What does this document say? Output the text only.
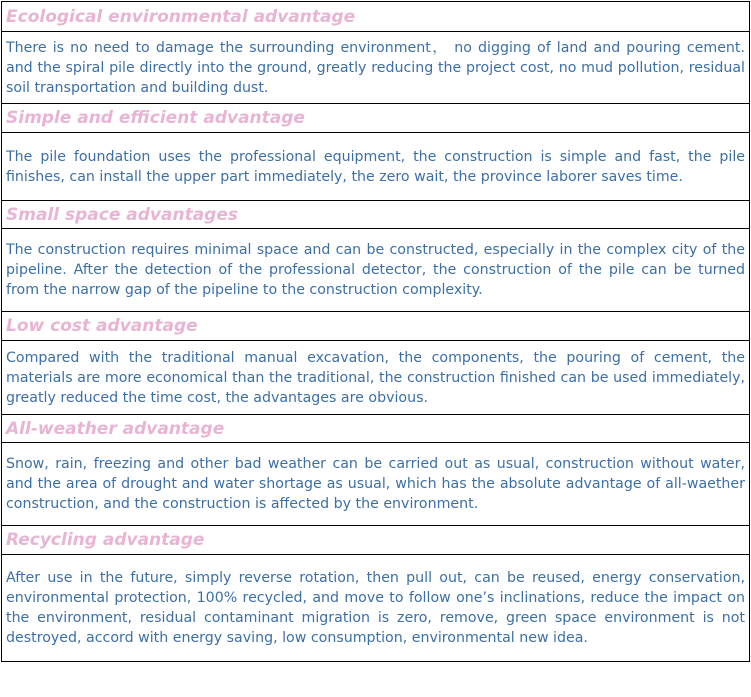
Ecological environmental advantage
There is no need to damage the surrounding environment， no digging of land and pouring cement. and the spiral pile directly into the ground, greatly reducing the project cost, no mud pollution, residual soil transportation and building dust.
Simple and efficient advantage
The pile foundation uses the professional equipment, the construction is simple and fast, the pile finishes, can install the upper part immediately, the zero wait, the province laborer saves time.
Small space advantages
The construction requires minimal space and can be constructed, especially in the complex city of the pipeline. After the detection of the professional detector, the construction of the pile can be turned from the narrow gap of the pipeline to the construction complexity.
Low cost advantage
Compared with the traditional manual excavation, the components, the pouring of cement, the materials are more economical than the traditional, the construction finished can be used immediately, greatly reduced the time cost, the advantages are obvious.
All-weather advantage
Snow, rain, freezing and other bad weather can be carried out as usual, construction without water, and the area of drought and water shortage as usual, which has the absolute advantage of all-waether construction, and the construction is affected by the environment.
Recycling advantage
After use in the future, simply reverse rotation, then pull out, can be reused, energy conservation, environmental protection, 100% recycled, and move to follow one’s inclinations, reduce the impact on the environment, residual contaminant migration is zero, remove, green space environment is not destroyed, accord with energy saving, low consumption, environmental new idea.
